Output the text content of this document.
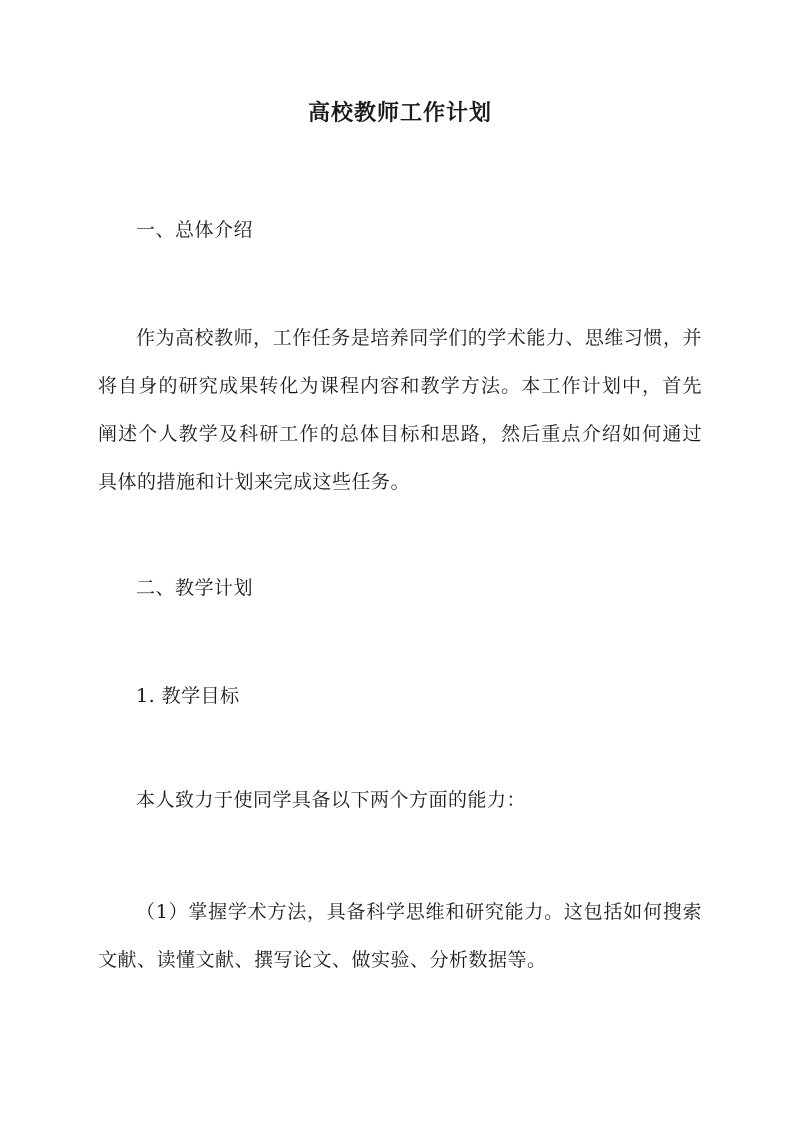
高校教师工作计划
一、总体介绍
作为高校教师，工作任务是培养同学们的学术能力、思维习惯，并将自身的研究成果转化为课程内容和教学方法。本工作计划中，首先阐述个人教学及科研工作的总体目标和思路，然后重点介绍如何通过具体的措施和计划来完成这些任务。
二、教学计划
1. 教学目标
本人致力于使同学具备以下两个方面的能力：
（1）掌握学术方法，具备科学思维和研究能力。这包括如何搜索文献、读懂文献、撰写论文、做实验、分析数据等。
